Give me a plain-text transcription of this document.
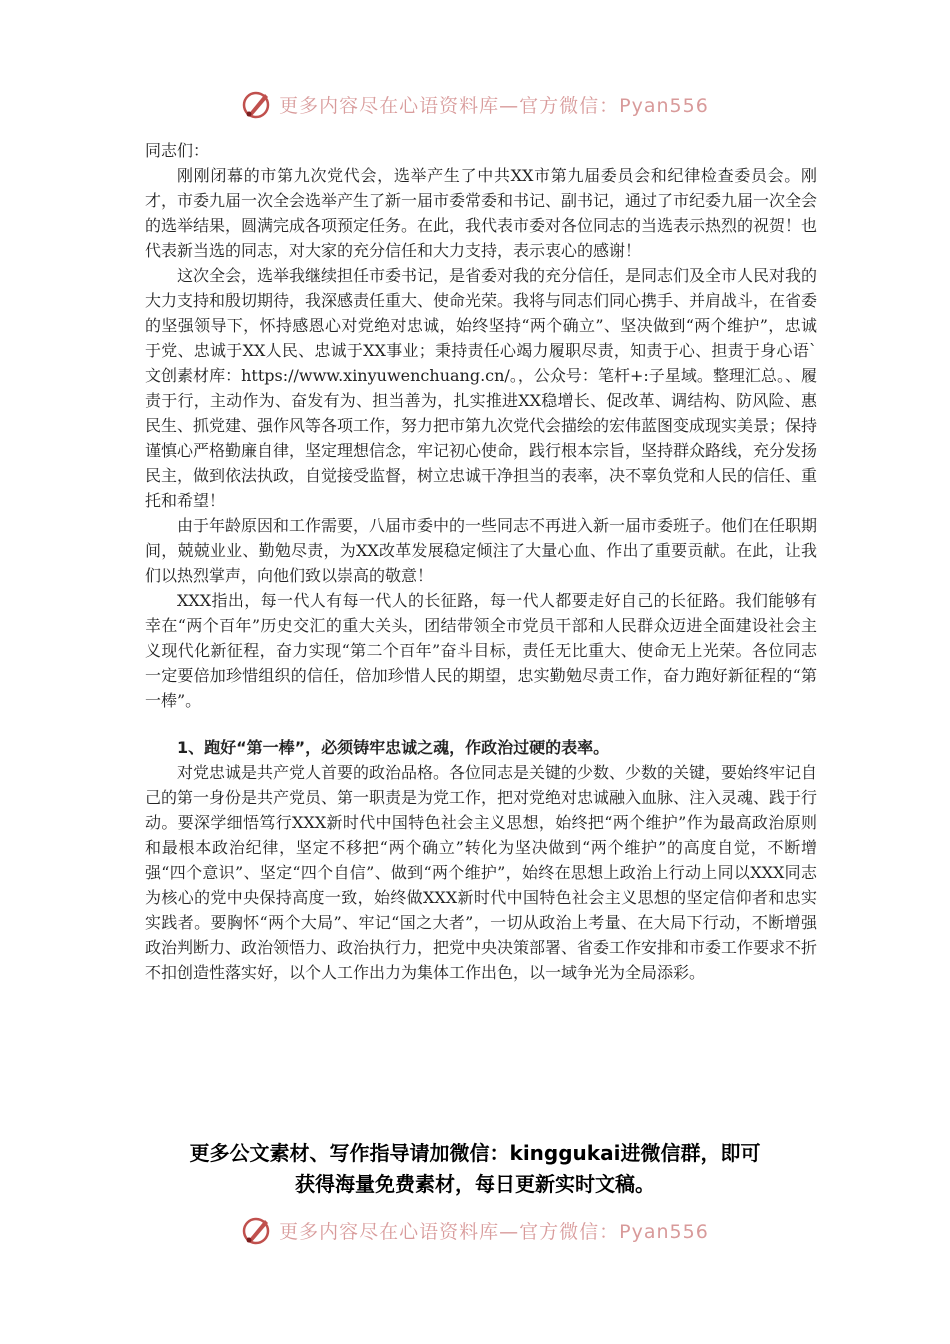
更多内容尽在心语资料库—官方微信：Pyan556

同志们：

刚刚闭幕的市第九次党代会，选举产生了中共XX市第九届委员会和纪律检查委员会。刚才，市委九届一次全会选举产生了新一届市委常委和书记、副书记，通过了市纪委九届一次全会的选举结果，圆满完成各项预定任务。在此，我代表市委对各位同志的当选表示热烈的祝贺！也代表新当选的同志，对大家的充分信任和大力支持，表示衷心的感谢！

这次全会，选举我继续担任市委书记，是省委对我的充分信任，是同志们及全市人民对我的大力支持和殷切期待，我深感责任重大、使命光荣。我将与同志们同心携手、并肩战斗，在省委的坚强领导下，怀持感恩心对党绝对忠诚，始终坚持“两个确立”、坚决做到“两个维护”，忠诚于党、忠诚于XX人民、忠诚于XX事业；秉持责任心竭力履职尽责，知责于心、担责于身心语`文创素材库：https://www.xinyuwenchuang.cn/。，公众号：笔杆+:子星域。整理汇总。、履责于行，主动作为、奋发有为、担当善为，扎实推进XX稳增长、促改革、调结构、防风险、惠民生、抓党建、强作风等各项工作，努力把市第九次党代会描绘的宏伟蓝图变成现实美景；保持谨慎心严格勤廉自律，坚定理想信念，牢记初心使命，践行根本宗旨，坚持群众路线，充分发扬民主，做到依法执政，自觉接受监督，树立忠诚干净担当的表率，决不辜负党和人民的信任、重托和希望！

由于年龄原因和工作需要，八届市委中的一些同志不再进入新一届市委班子。他们在任职期间，兢兢业业、勤勉尽责，为XX改革发展稳定倾注了大量心血、作出了重要贡献。在此，让我们以热烈掌声，向他们致以崇高的敬意！

XXX指出，每一代人有每一代人的长征路，每一代人都要走好自己的长征路。我们能够有幸在“两个百年”历史交汇的重大关头，团结带领全市党员干部和人民群众迈进全面建设社会主义现代化新征程，奋力实现“第二个百年”奋斗目标，责任无比重大、使命无上光荣。各位同志一定要倍加珍惜组织的信任，倍加珍惜人民的期望，忠实勤勉尽责工作，奋力跑好新征程的“第一棒”。

1、跑好“第一棒”，必须铸牢忠诚之魂，作政治过硬的表率。

对党忠诚是共产党人首要的政治品格。各位同志是关键的少数、少数的关键，要始终牢记自己的第一身份是共产党员、第一职责是为党工作，把对党绝对忠诚融入血脉、注入灵魂、践于行动。要深学细悟笃行XXX新时代中国特色社会主义思想，始终把“两个维护”作为最高政治原则和最根本政治纪律，坚定不移把“两个确立”转化为坚决做到“两个维护”的高度自觉，不断增强“四个意识”、坚定“四个自信”、做到“两个维护”，始终在思想上政治上行动上同以XXX同志为核心的党中央保持高度一致，始终做XXX新时代中国特色社会主义思想的坚定信仰者和忠实实践者。要胸怀“两个大局”、牢记“国之大者”，一切从政治上考量、在大局下行动，不断增强政治判断力、政治领悟力、政治执行力，把党中央决策部署、省委工作安排和市委工作要求不折不扣创造性落实好，以个人工作出力为集体工作出色，以一域争光为全局添彩。

更多公文素材、写作指导请加微信：kinggukai进微信群，即可
获得海量免费素材，每日更新实时文稿。
更多内容尽在心语资料库—官方微信：Pyan556
